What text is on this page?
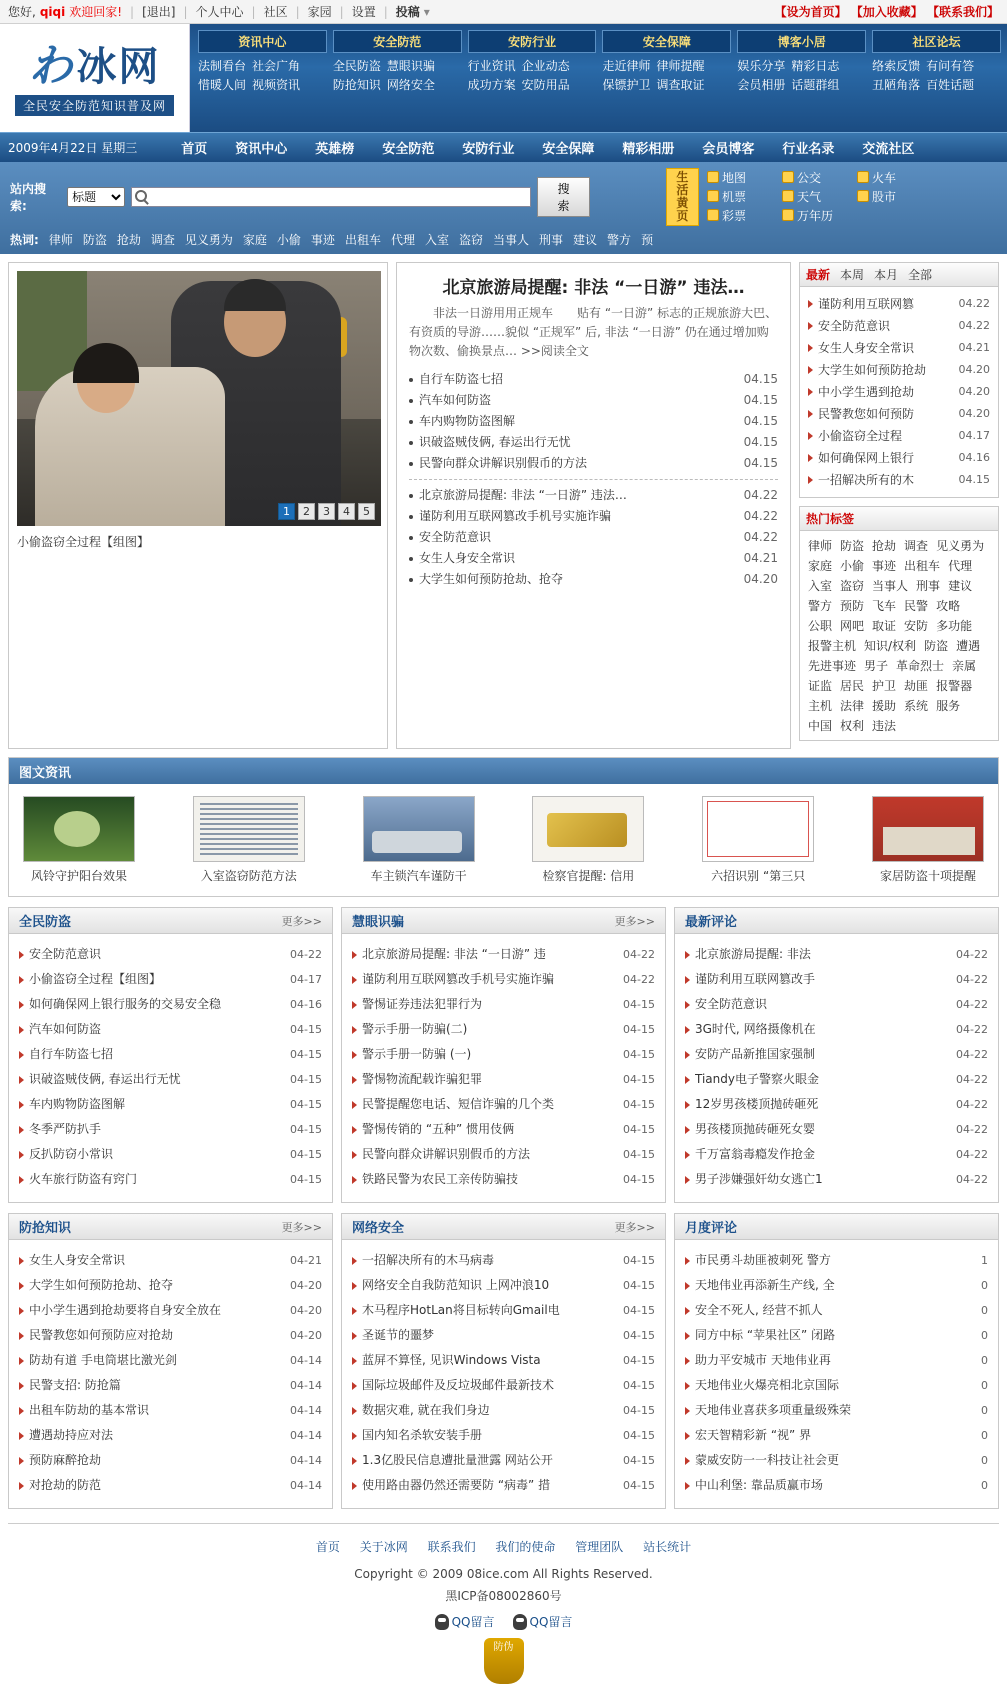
您好, qiqi 欢迎回家! | [退出] | 个人中心 | 社区 | 家园 | 设置 | 投稿 ▾	【设为首页】 【加入收藏】 【联系我们】
わ 冰网
全民安全防范知识普及网
资讯中心
法制看台 社会广角
惜暖人间 视频资讯
安全防范
全民防盗 慧眼识骗
防抢知识 网络安全
安防行业
行业资讯 企业动态
成功方案 安防用品
安全保障
走近律师 律师提醒
保镖护卫 调查取证
博客小居
娱乐分享 精彩日志
会员相册 话题群组
社区论坛
络索反馈 有问有答
丑陋角落 百姓话题
2009年4月22日 星期三	首页	资讯中心	英雄榜	安全防范	安防行业	安全保障	精彩相册	会员博客	行业名录	交流社区
站内搜索:
标题
搜 索
生活
黄页
地图	公交	火车
机票	天气	股市
彩票	万年历
热词: 律师 防盗 抢劫 调查 见义勇为 家庭 小偷 事迹 出租车 代理 入室 盗窃 当事人 刑事 建议 警方 预
1	2	3	4	5
小偷盗窃全过程【组图】
北京旅游局提醒: 非法 “一日游” 违法…
非法一日游用用正规车　　贴有 “一日游” 标志的正规旅游大巴、有资质的导游……貌似 “正规军” 后, 非法 “一日游” 仍在通过增加购物次数、偷换景点… >>阅读全文
自行车防盗七招	04.15
汽车如何防盗	04.15
车内购物防盗图解	04.15
识破盗贼伎俩, 春运出行无忧	04.15
民警向群众讲解识别假币的方法	04.15
北京旅游局提醒: 非法 “一日游” 违法…	04.22
谨防利用互联网篡改手机号实施诈骗	04.22
安全防范意识	04.22
女生人身安全常识	04.21
大学生如何预防抢劫、抢夺	04.20
最新 本周 本月 全部
谨防利用互联网篡	04.22
安全防范意识	04.22
女生人身安全常识	04.21
大学生如何预防抢劫	04.20
中小学生遇到抢劫	04.20
民警教您如何预防	04.20
小偷盗窃全过程	04.17
如何确保网上银行	04.16
一招解决所有的木	04.15
热门标签
律师 防盗 抢劫 调查 见义勇为
家庭 小偷 事迹 出租车 代理
入室 盗窃 当事人 刑事 建议
警方 预防 飞车 民警 攻略
公职 网吧 取证 安防 多功能
报警主机 知识/权利 防盗 遭遇
先进事迹 男子 革命烈士 亲属
证监 居民 护卫 劫匪 报警器
主机 法律 援助 系统 服务
中国 权利 违法
图文资讯
风铃守护阳台效果	入室盗窃防范方法	车主锁汽车谨防干	检察官提醒: 信用	六招识别 “第三只	家居防盗十项提醒
全民防盗	更多>>
安全防范意识	04-22
小偷盗窃全过程【组图】	04-17
如何确保网上银行服务的交易安全稳	04-16
汽车如何防盗	04-15
自行车防盗七招	04-15
识破盗贼伎俩, 春运出行无忧	04-15
车内购物防盗图解	04-15
冬季严防扒手	04-15
反扒防窃小常识	04-15
火车旅行防盗有窍门	04-15
慧眼识骗	更多>>
北京旅游局提醒: 非法 “一日游” 违	04-22
谨防利用互联网篡改手机号实施诈骗	04-22
警惕证券违法犯罪行为	04-15
警示手册一防骗(二)	04-15
警示手册一防骗 (一)	04-15
警惕物流配载诈骗犯罪	04-15
民警提醒您电话、短信诈骗的几个类	04-15
警惕传销的 “五种” 惯用伎俩	04-15
民警向群众讲解识别假币的方法	04-15
铁路民警为农民工亲传防骗技	04-15
最新评论
北京旅游局提醒: 非法	04-22
谨防利用互联网篡改手	04-22
安全防范意识	04-22
3G时代, 网络摄像机在	04-22
安防产品新推国家强制	04-22
Tiandy电子警察火眼金	04-22
12岁男孩楼顶抛砖砸死	04-22
男孩楼顶抛砖砸死女婴	04-22
千万富翁毒瘾发作抢金	04-22
男子涉嫌强奸幼女逃亡1	04-22
防抢知识	更多>>
女生人身安全常识	04-21
大学生如何预防抢劫、抢夺	04-20
中小学生遇到抢劫要将自身安全放在	04-20
民警教您如何预防应对抢劫	04-20
防劫有道 手电筒堪比激光剑	04-14
民警支招: 防抢篇	04-14
出租车防劫的基本常识	04-14
遭遇劫持应对法	04-14
预防麻醉抢劫	04-14
对抢劫的防范	04-14
网络安全	更多>>
一招解决所有的木马病毒	04-15
网络安全自我防范知识 上网冲浪10	04-15
木马程序HotLan将目标转向Gmail电	04-15
圣诞节的噩梦	04-15
蓝屏不算怪, 见识Windows Vista	04-15
国际垃圾邮件及反垃圾邮件最新技术	04-15
数据灾难, 就在我们身边	04-15
国内知名杀软安装手册	04-15
1.3亿股民信息遭批量泄露 网站公开	04-15
使用路由器仍然还需要防 “病毒” 措	04-15
月度评论
市民勇斗劫匪被刺死 警方	1
天地伟业再添新生产线, 全	0
安全不死人, 经营不抓人	0
同方中标 “苹果社区” 闭路	0
助力平安城市 天地伟业再	0
天地伟业火爆亮相北京国际	0
天地伟业喜获多项重量级殊荣	0
宏天智精彩新 “视” 界	0
蒙威安防一一科技让社会更	0
中山利堡: 靠品质赢市场	0
首页 关于冰网 联系我们 我们的使命 管理团队 站长统计
Copyright © 2009 08ice.com All Rights Reserved.
黑ICP备08002860号
QQ留言	QQ留言
防伪
